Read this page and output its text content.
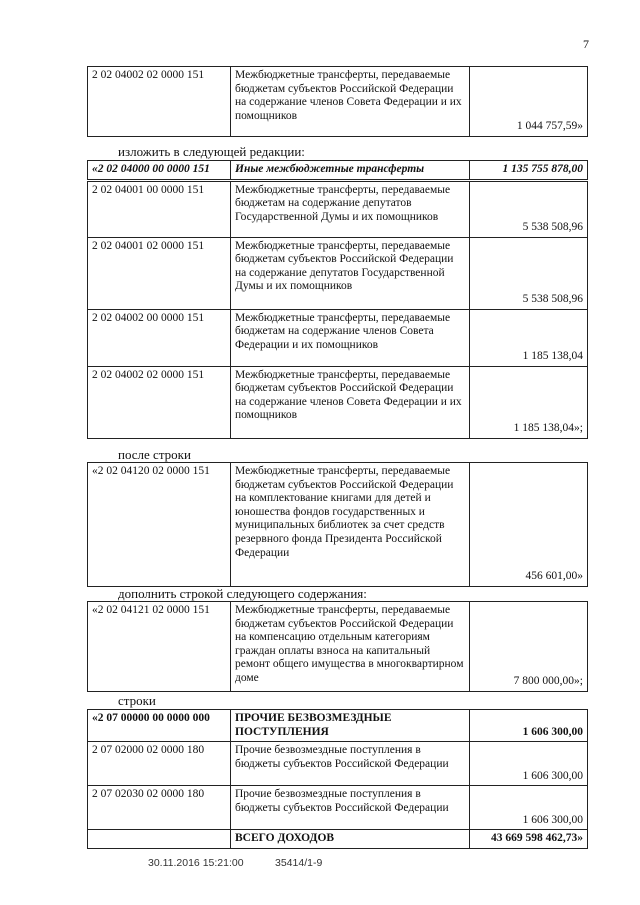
7
2 02 04002 02 0000 151	Межбюджетные трансферты, передаваемые бюджетам субъектов Российской Федерации на содержание членов Совета Федерации и их помощников	1 044 757,59»
изложить в следующей редакции:
«2 02 04000 00 0000 151	Иные межбюджетные трансферты	1 135 755 878,00
2 02 04001 00 0000 151	Межбюджетные трансферты, передаваемые бюджетам на содержание депутатов Государственной Думы и их помощников	5 538 508,96
2 02 04001 02 0000 151	Межбюджетные трансферты, передаваемые бюджетам субъектов Российской Федерации на содержание депутатов Государственной Думы и их помощников	5 538 508,96
2 02 04002 00 0000 151	Межбюджетные трансферты, передаваемые бюджетам на содержание членов Совета Федерации и их помощников	1 185 138,04
2 02 04002 02 0000 151	Межбюджетные трансферты, передаваемые бюджетам субъектов Российской Федерации на содержание членов Совета Федерации и их помощников	1 185 138,04»;
после строки
«2 02 04120 02 0000 151	Межбюджетные трансферты, передаваемые бюджетам субъектов Российской Федерации на комплектование книгами для детей и юношества фондов государственных и муниципальных библиотек за счет средств резервного фонда Президента Российской Федерации	456 601,00»
дополнить строкой следующего содержания:
«2 02 04121 02 0000 151	Межбюджетные трансферты, передаваемые бюджетам субъектов Российской Федерации на компенсацию отдельным категориям граждан оплаты взноса на капитальный ремонт общего имущества в многоквартирном доме	7 800 000,00»;
строки
«2 07 00000 00 0000 000	ПРОЧИЕ БЕЗВОЗМЕЗДНЫЕ ПОСТУПЛЕНИЯ	1 606 300,00
2 07 02000 02 0000 180	Прочие безвозмездные поступления в бюджеты субъектов Российской Федерации	1 606 300,00
2 07 02030 02 0000 180	Прочие безвозмездные поступления в бюджеты субъектов Российской Федерации	1 606 300,00
	ВСЕГО ДОХОДОВ	43 669 598 462,73»
30.11.2016 15:21:00	35414/1-9
